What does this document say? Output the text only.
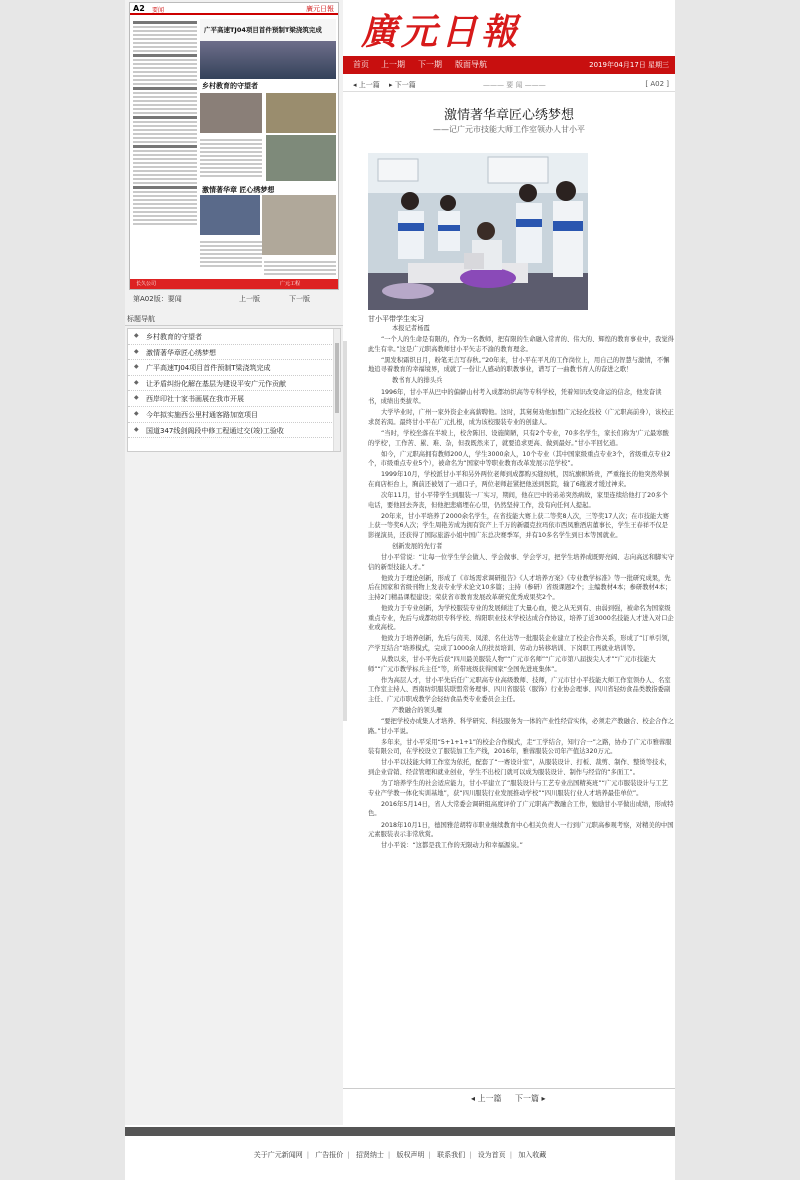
A2 要闻	廣元日報
广平高速TJ04项目首件预制T梁浇筑完成
乡村教育的守望者
激情著华章 匠心绣梦想
长久公司	广元工程
第A02版：要闻	上一版	下一版
标题导航
◆ 乡村教育的守望者
◆ 激情著华章匠心绣梦想
◆ 广平高速TJ04项目首件预制T梁浇筑完成
◆ 让矛盾纠纷化解在基层为建设平安广元作贡献
◆ 西岸印社十家书画展在我市开展
◆ 今年拟实施西公里村通客路加宽项目
◆ 国道347线剑阁段中修工程通过交(竣)工验收
廣元日報
首页 上一期 下一期 版面导航	2019年04月17日 星期三
◂ 上一篇 ▸ 下一篇	——— 要 闻 ———	[ A02 ]
激情著华章匠心绣梦想
——记广元市技能大师工作室领办人甘小平
甘小平带学生实习

本报记者杨霞

“一个人的生命是有限的，作为一名教师，把有限的生命融入常青的、伟大的、辉煌的教育事业中，我觉得此生有幸。”这是广元职高教师甘小平矢志不渝的教育理念。

“黑发积霜织日月，粉笔无言写春秋。”20年来，甘小平在平凡的工作岗位上，用自己的智慧与激情，不懈地追寻着教育的幸福境界，成就了一份让人感动的职教事业，谱写了一曲教书育人的奋进之歌！

教书育人的排头兵

1996年，甘小平从巴中的偏僻山村考入成都纺织高等专科学校，凭着知识改变命运的信念，他发奋读书，成绩出类拔萃。

大学毕业时，广州一家外资企业高薪聘他。这时，其舅舅劝他加盟广元轻化技校（广元职高前身），该校正求贤若渴。最终甘小平在广元扎根，成为该校服装专业的创建人。

“当时，学校坐落在半坡上，校舍陈旧、设施简陋，只有2个专业，70多名学生，家长们称为'广元最寒酸的学校'，工作苦、累、难、杂，但我既然来了，就要追求更高、做到最好。”甘小平回忆道。

如今，广元职高拥有教师200人，学生3000余人，10个专业（其中国家级重点专业3个，省级重点专业2个，市级重点专业5个），被命名为“国家中等职业教育改革发展示范学校”。

1999年10月，学校派甘小平和另外两位老师到成都购买缝纫机，因坑旗帜矫贵，严重拖长的他突然晕倒在商店柜台上，胸前还被划了一道口子，两位老师赶紧把他送到医院，输了6瓶液才缓过神来。

次年11月，甘小平带学生到服装一厂实习，期间，他在巴中的弟弟突然病故，家里连续给他打了20多个电话，要他回去奔丧，但他把悲痛埋在心里，仍然坚持工作，没有向任何人提起。

20年来，甘小平培养了2000余名学生，在省技能大赛上获二等奖8人次，三等奖17人次；在市技能大赛上获一等奖6人次；学生周艳芳成为拥有资产上千万的新疆克拉玛依市西凤雅酒店董事长，学生王春祥不仅是影视演员，还获得了国际旅游小姐中国广东总决赛季军，并有10多名学生到日本等国就业。

创新发展的先行者

甘小平常说：“让每一位学生学会做人、学会做事、学会学习，把学生培养成既野亮阔、志向高远和脚实守信的新型技能人才。”

他致力于理论创新，形成了《市场需求调研报告》《人才培养方案》《专业教学标准》等一批研究成果，先后在国家和省级刊物上发表专业学术论文10多篇；主持（参研）省级课题2个；主编教材4本；参研教材4本；主持2门精品课程建设；荣获省市教育发展改革研究优秀成果奖2个。

他致力于专业创新，为学校服装专业的发展倾注了大量心血，使之从无到有、由弱到强，被命名为国家级重点专业，先后与成都纺织专科学校、绵阳职业技术学校达成合作协议，培养了近3000名技能人才进入对口企业或高校。

他致力于培养创新，先后与茵芙、凤漾、名仕达等一批服装企业建立了校企合作关系，形成了“订单引领，产学互结合”培养模式，完成了1000余人的扶贫培训、劳动力转移培训、下岗职工再就业培训等。

从教以来，甘小平先后获“四川最美服装人物”“广元市名师”“广元市第八届拔尖人才”“广元市技能大师”“广元市教学标兵主任”等，所带班级获得国家“全国先进班集体”。

作为高层人才，甘小平先后任广元职高专业高级教师、技师，广元市甘小平技能大师工作室领办人、名室工作室主持人、西南纺织服装联盟常务理事、四川省服装（服饰）行业协会理事、四川省轻纺食品类教指委副主任、广元市职成教学会轻纺食品类专业委员会主任。

产教融合的领头雁

“要把学校办成集人才培养、科学研究、科技服务为一体的产业性经营实体，必须走产教融合、校企合作之路。”甘小平说。

多年来，甘小平采用“5+1+1+1”的校企合作模式，走“工学结合，知行合一”之路，协办了广元市雅蓉服装有限公司，在学校设立了服装加工生产线，2016年，雅蓉服装公司年产值达320万元。

甘小平以技能大师工作室为依托，配套了“一赛设计室”，从服装设计、打板、裁剪、制作、整烫等技术，到企业营销、经营管理和就业创业，学生不出校门就可以成为服装设计、制作与经营的“多面工”。

为了培养学生的社会适应能力，甘小平建立了“服装设计与工艺专业出国精英班”“广元市服装设计与工艺专业产学教一体化实训基地”，获“四川服装行业发展推动学校”“四川服装行业人才培养最佳单位”。

2016年5月14日，省人大常委会调研组高度评价了广元职高产教融合工作，勉励甘小平做出成绩，形成特色。

2018年10月1日，德国雅范胡特市职业继续教育中心相关负责人一行到广元职高参观考察，对精美的中国元素服装表示非常欣赏。

甘小平说：“这都是我工作的无限动力和幸福源泉。”

◂ 上一篇 下一篇 ▸
关于广元新闻网 | 广告报价 | 招贤纳士 | 版权声明 | 联系我们 | 设为首页 | 加入收藏
